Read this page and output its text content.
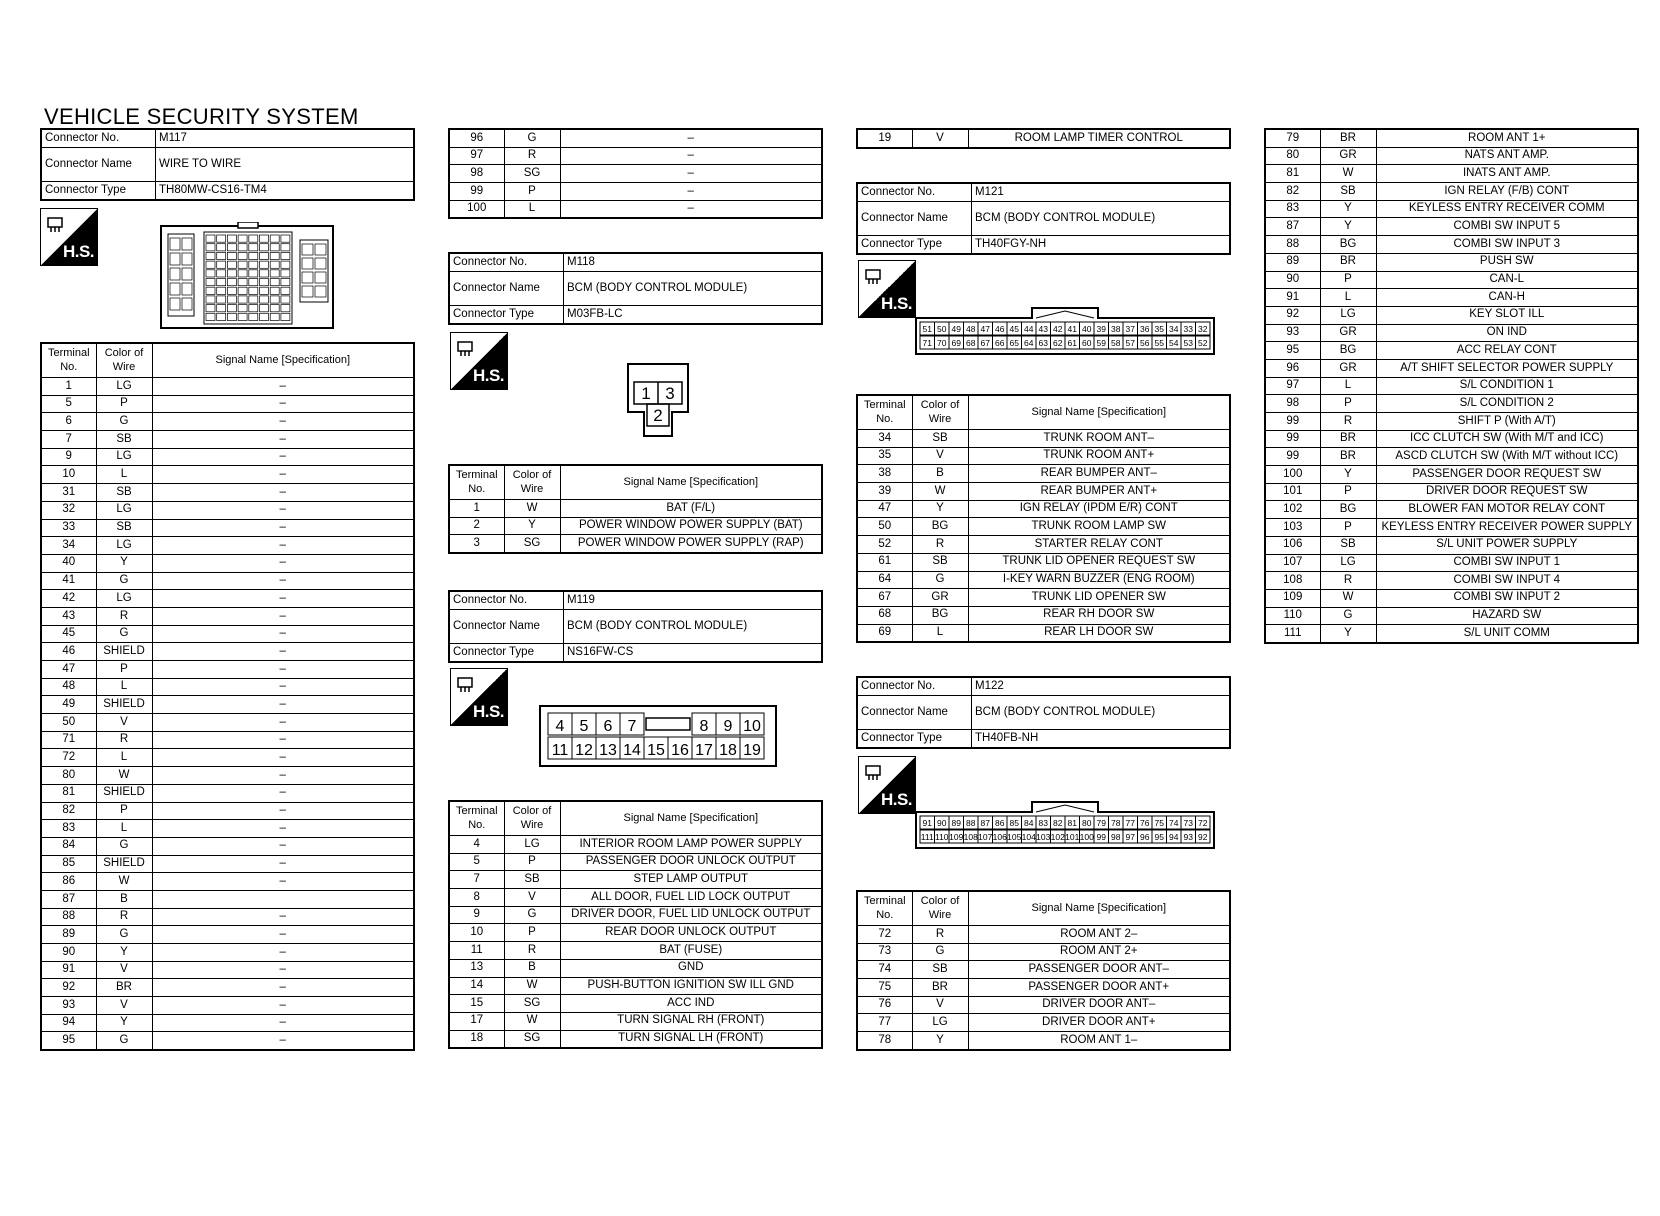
VEHICLE SECURITY SYSTEM
Connector No.	M117
Connector Name	WIRE TO WIRE
Connector Type	TH80MW-CS16-TM4
H.S.
Terminal No.	Color of Wire	Signal Name [Specification]
1	LG	–
5	P	–
6	G	–
7	SB	–
9	LG	–
10	L	–
31	SB	–
32	LG	–
33	SB	–
34	LG	–
40	Y	–
41	G	–
42	LG	–
43	R	–
45	G	–
46	SHIELD	–
47	P	–
48	L	–
49	SHIELD	–
50	V	–
71	R	–
72	L	–
80	W	–
81	SHIELD	–
82	P	–
83	L	–
84	G	–
85	SHIELD	–
86	W	–
87	B	
88	R	–
89	G	–
90	Y	–
91	V	–
92	BR	–
93	V	–
94	Y	–
95	G	–
96	G	–
97	R	–
98	SG	–
99	P	–
100	L	–
Connector No.	M118
Connector Name	BCM (BODY CONTROL MODULE)
Connector Type	M03FB-LC
H.S.
1 3
2
Terminal No.	Color of Wire	Signal Name [Specification]
1	W	BAT (F/L)
2	Y	POWER WINDOW POWER SUPPLY (BAT)
3	SG	POWER WINDOW POWER SUPPLY (RAP)
Connector No.	M119
Connector Name	BCM (BODY CONTROL MODULE)
Connector Type	NS16FW-CS
H.S.
4 5 6 7	8 9 10
11 12 13 14 15 16 17 18 19
Terminal No.	Color of Wire	Signal Name [Specification]
4	LG	INTERIOR ROOM LAMP POWER SUPPLY
5	P	PASSENGER DOOR UNLOCK OUTPUT
7	SB	STEP LAMP OUTPUT
8	V	ALL DOOR, FUEL LID LOCK OUTPUT
9	G	DRIVER DOOR, FUEL LID UNLOCK OUTPUT
10	P	REAR DOOR UNLOCK OUTPUT
11	R	BAT (FUSE)
13	B	GND
14	W	PUSH-BUTTON IGNITION SW ILL GND
15	SG	ACC IND
17	W	TURN SIGNAL RH (FRONT)
18	SG	TURN SIGNAL LH (FRONT)
19	V	ROOM LAMP TIMER CONTROL
Connector No.	M121
Connector Name	BCM (BODY CONTROL MODULE)
Connector Type	TH40FGY-NH
H.S.
51 50 49 48 47 46 45 44 43 42 41 40 39 38 37 36 35 34 33 32
71 70 69 68 67 66 65 64 63 62 61 60 59 58 57 56 55 54 53 52
Terminal No.	Color of Wire	Signal Name [Specification]
34	SB	TRUNK ROOM ANT–
35	V	TRUNK ROOM ANT+
38	B	REAR BUMPER ANT–
39	W	REAR BUMPER ANT+
47	Y	IGN RELAY (IPDM E/R) CONT
50	BG	TRUNK ROOM LAMP SW
52	R	STARTER RELAY CONT
61	SB	TRUNK LID OPENER REQUEST SW
64	G	I-KEY WARN BUZZER (ENG ROOM)
67	GR	TRUNK LID OPENER SW
68	BG	REAR RH DOOR SW
69	L	REAR LH DOOR SW
Connector No.	M122
Connector Name	BCM (BODY CONTROL MODULE)
Connector Type	TH40FB-NH
H.S.
91 90 89 88 87 86 85 84 83 82 81 80 79 78 77 76 75 74 73 72
111 110 109 108 107 106 105 104 103 102 101 100 99 98 97 96 95 94 93 92
Terminal No.	Color of Wire	Signal Name [Specification]
72	R	ROOM ANT 2–
73	G	ROOM ANT 2+
74	SB	PASSENGER DOOR ANT–
75	BR	PASSENGER DOOR ANT+
76	V	DRIVER DOOR ANT–
77	LG	DRIVER DOOR ANT+
78	Y	ROOM ANT 1–
79	BR	ROOM ANT 1+
80	GR	NATS ANT AMP.
81	W	INATS ANT AMP.
82	SB	IGN RELAY (F/B) CONT
83	Y	KEYLESS ENTRY RECEIVER COMM
87	Y	COMBI SW INPUT 5
88	BG	COMBI SW INPUT 3
89	BR	PUSH SW
90	P	CAN-L
91	L	CAN-H
92	LG	KEY SLOT ILL
93	GR	ON IND
95	BG	ACC RELAY CONT
96	GR	A/T SHIFT SELECTOR POWER SUPPLY
97	L	S/L CONDITION 1
98	P	S/L CONDITION 2
99	R	SHIFT P (With A/T)
99	BR	ICC CLUTCH SW (With M/T and ICC)
99	BR	ASCD CLUTCH SW (With M/T without ICC)
100	Y	PASSENGER DOOR REQUEST SW
101	P	DRIVER DOOR REQUEST SW
102	BG	BLOWER FAN MOTOR RELAY CONT
103	P	KEYLESS ENTRY RECEIVER POWER SUPPLY
106	SB	S/L UNIT POWER SUPPLY
107	LG	COMBI SW INPUT 1
108	R	COMBI SW INPUT 4
109	W	COMBI SW INPUT 2
110	G	HAZARD SW
111	Y	S/L UNIT COMM
